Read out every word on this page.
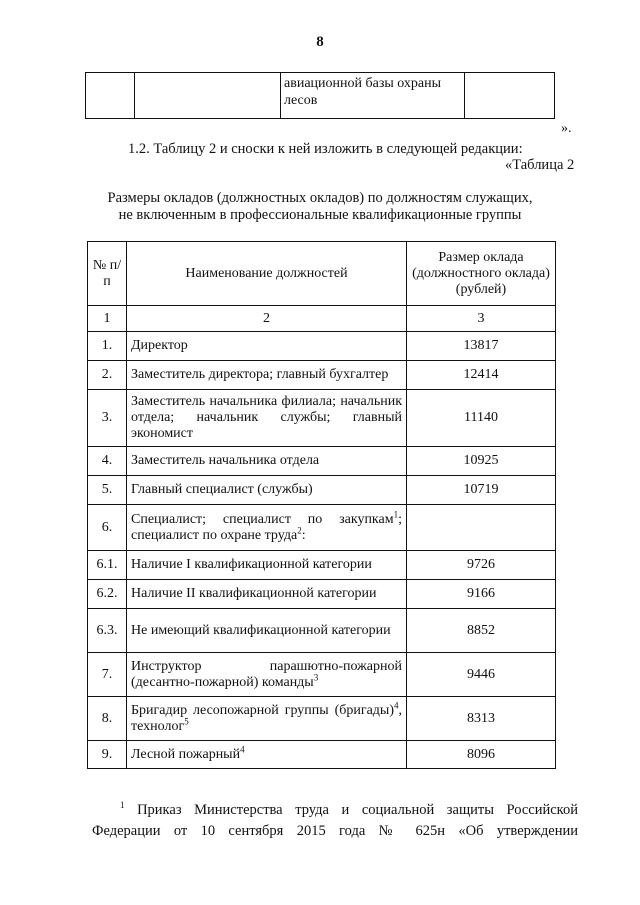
8
		авиационной базы охраны
лесов	
».
1.2. Таблицу 2 и сноски к ней изложить в следующей редакции:
«Таблица 2
Размеры окладов (должностных окладов) по должностям служащих,
не включенным в профессиональные квалификационные группы
№ п/п	Наименование должностей	Размер оклада (должностного оклада) (рублей)
1	2	3
1.	Директор	13817
2.	Заместитель директора; главный бухгалтер	12414
3.	Заместитель начальника филиала; начальник отдела; начальник службы; главный экономист	11140
4.	Заместитель начальника отдела	10925
5.	Главный специалист (службы)	10719
6.	Специалист; специалист по закупкам$^1$; специалист по охране труда$^2$:	
6.1.	Наличие I квалификационной категории	9726
6.2.	Наличие II квалификационной категории	9166
6.3.	Не имеющий квалификационной категории	8852
7.	Инструктор парашютно-пожарной (десантно-пожарной) команды$^3$	9446
8.	Бригадир лесопожарной группы (бригады)$^4$, технолог$^5$	8313
9.	Лесной пожарный$^4$	8096
$^1$ Приказ Министерства труда и социальной защиты Российской
Федерации от 10 сентября 2015 года № 625н «Об утверждении
